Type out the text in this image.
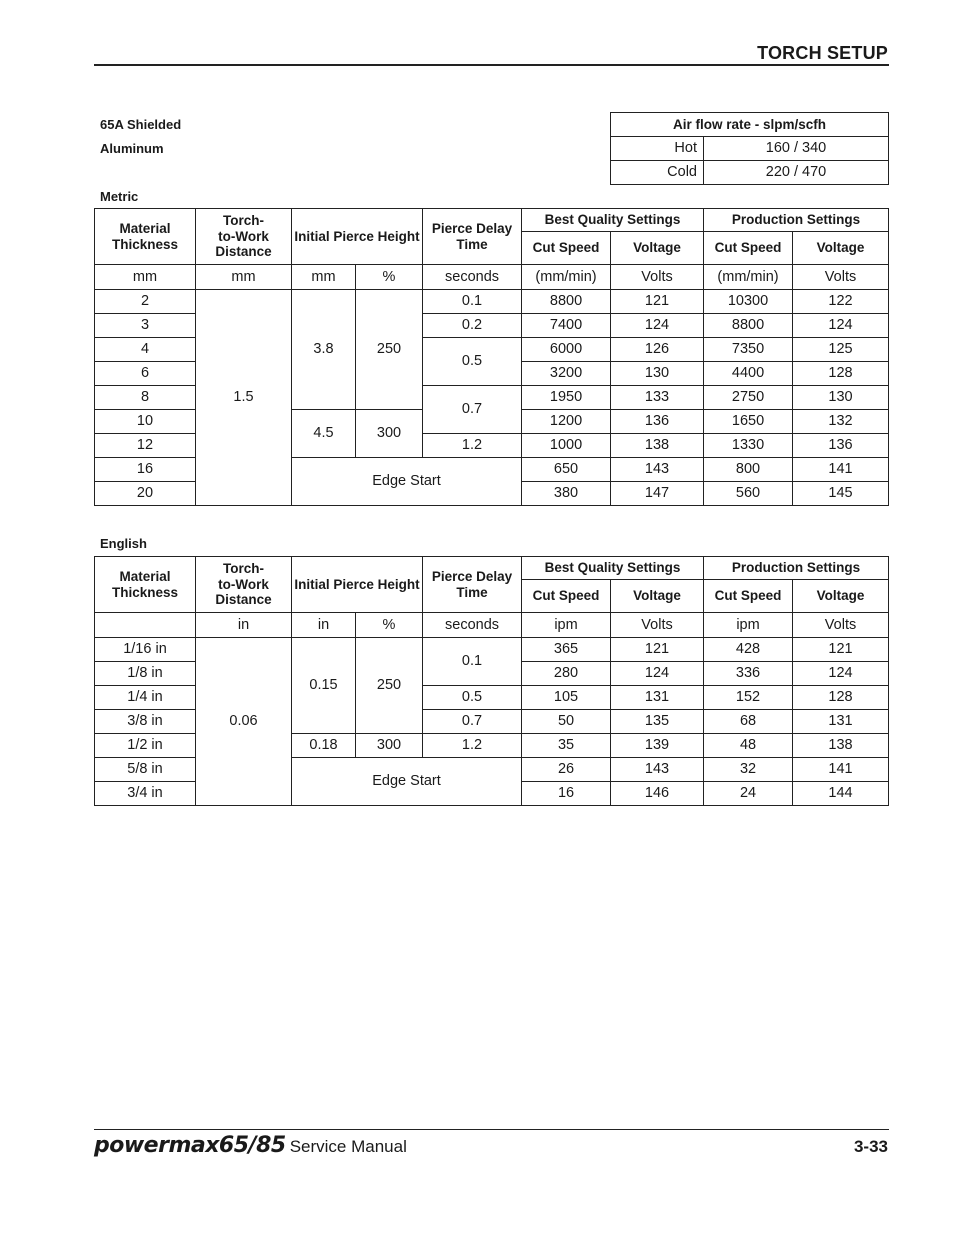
TORCH SETUP
65A Shielded
Aluminum
Air flow rate - slpm/scfh	
Hot	160 / 340
Cold	220 / 470
Metric
Material Thickness	Torch-
to-Work
Distance	Initial Pierce Height		Pierce Delay Time	Best Quality Settings		Production Settings	
					Cut Speed	Voltage	Cut Speed	Voltage
mm	mm	mm	%	seconds	(mm/min)	Volts	(mm/min)	Volts
2	1.5	3.8	250	0.1	8800	121	10300	122
3				0.2	7400	124	8800	124
4				0.5	6000	126	7350	125
6					3200	130	4400	128
8				0.7	1950	133	2750	130
10		4.5	300		1200	136	1650	132
12				1.2	1000	138	1330	136
16		Edge Start			650	143	800	141
20					380	147	560	145
English
Material Thickness	Torch-
to-Work
Distance	Initial Pierce Height		Pierce Delay Time	Best Quality Settings		Production Settings	
					Cut Speed	Voltage	Cut Speed	Voltage
	in	in	%	seconds	ipm	Volts	ipm	Volts
1/16 in	0.06	0.15	250	0.1	365	121	428	121
1/8 in					280	124	336	124
1/4 in				0.5	105	131	152	128
3/8 in				0.7	50	135	68	131
1/2 in		0.18	300	1.2	35	139	48	138
5/8 in		Edge Start			26	143	32	141
3/4 in					16	146	24	144
powermax65/85 Service Manual	3-33
